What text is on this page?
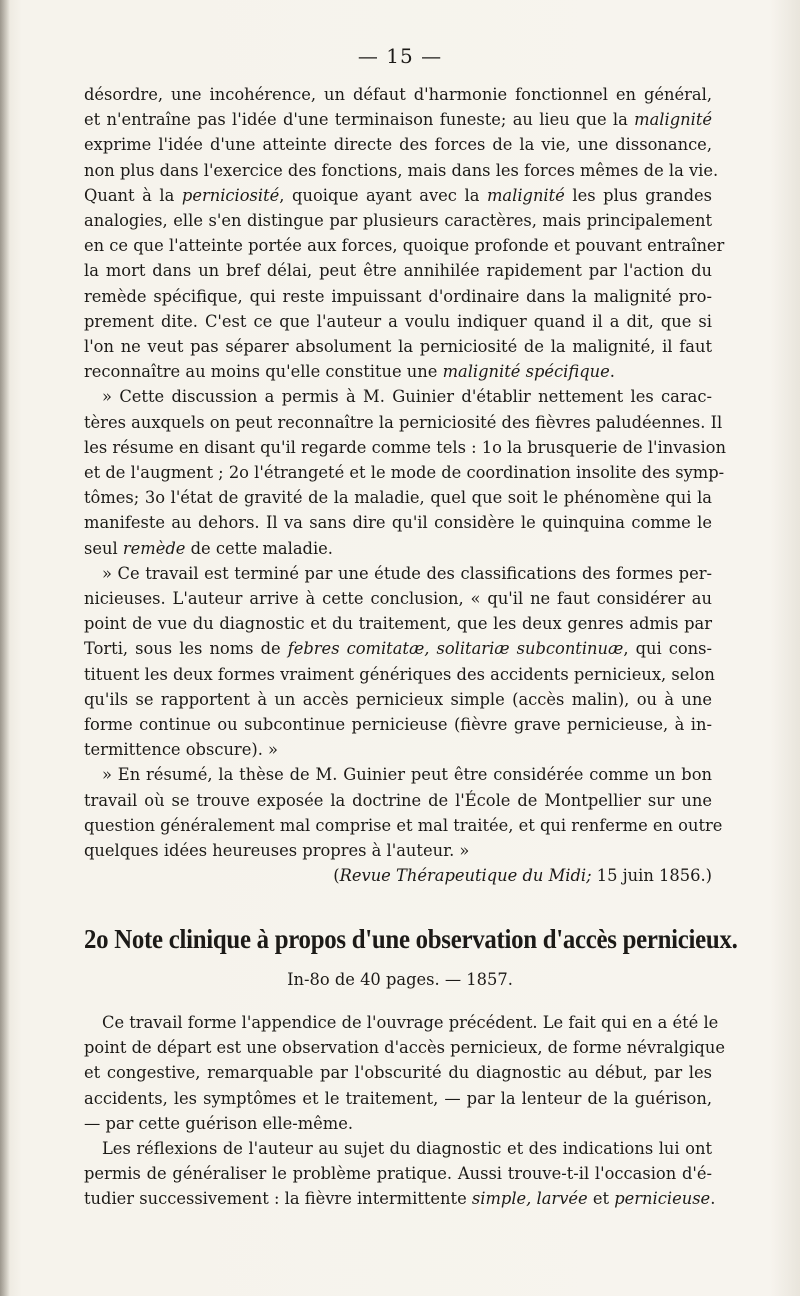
— 15 —
désordre, une incohérence, un défaut d'harmonie fonctionnel en général,
et n'entraîne pas l'idée d'une terminaison funeste; au lieu que la malignité
exprime l'idée d'une atteinte directe des forces de la vie, une dissonance,
non plus dans l'exercice des fonctions, mais dans les forces mêmes de la vie.
Quant à la perniciosité, quoique ayant avec la malignité les plus grandes
analogies, elle s'en distingue par plusieurs caractères, mais principalement
en ce que l'atteinte portée aux forces, quoique profonde et pouvant entraîner
la mort dans un bref délai, peut être annihilée rapidement par l'action du
remède spécifique, qui reste impuissant d'ordinaire dans la malignité pro-
prement dite. C'est ce que l'auteur a voulu indiquer quand il a dit, que si
l'on ne veut pas séparer absolument la perniciosité de la malignité, il faut
reconnaître au moins qu'elle constitue une malignité spécifique.
» Cette discussion a permis à M. Guinier d'établir nettement les carac-
tères auxquels on peut reconnaître la perniciosité des fièvres paludéennes. Il
les résume en disant qu'il regarde comme tels : 1o la brusquerie de l'invasion
et de l'augment ; 2o l'étrangeté et le mode de coordination insolite des symp-
tômes; 3o l'état de gravité de la maladie, quel que soit le phénomène qui la
manifeste au dehors. Il va sans dire qu'il considère le quinquina comme le
seul remède de cette maladie.
» Ce travail est terminé par une étude des classifications des formes per-
nicieuses. L'auteur arrive à cette conclusion, « qu'il ne faut considérer au
point de vue du diagnostic et du traitement, que les deux genres admis par
Torti, sous les noms de febres comitatæ, solitariæ subcontinuæ, qui cons-
tituent les deux formes vraiment génériques des accidents pernicieux, selon
qu'ils se rapportent à un accès pernicieux simple (accès malin), ou à une
forme continue ou subcontinue pernicieuse (fièvre grave pernicieuse, à in-
termittence obscure). »
» En résumé, la thèse de M. Guinier peut être considérée comme un bon
travail où se trouve exposée la doctrine de l'École de Montpellier sur une
question généralement mal comprise et mal traitée, et qui renferme en outre
quelques idées heureuses propres à l'auteur. »
(Revue Thérapeutique du Midi; 15 juin 1856.)
2o Note clinique à propos d'une observation d'accès pernicieux.
In-8o de 40 pages. — 1857.
Ce travail forme l'appendice de l'ouvrage précédent. Le fait qui en a été le
point de départ est une observation d'accès pernicieux, de forme névralgique
et congestive, remarquable par l'obscurité du diagnostic au début, par les
accidents, les symptômes et le traitement, — par la lenteur de la guérison,
— par cette guérison elle-même.
Les réflexions de l'auteur au sujet du diagnostic et des indications lui ont
permis de généraliser le problème pratique. Aussi trouve-t-il l'occasion d'é-
tudier successivement : la fièvre intermittente simple, larvée et pernicieuse.
